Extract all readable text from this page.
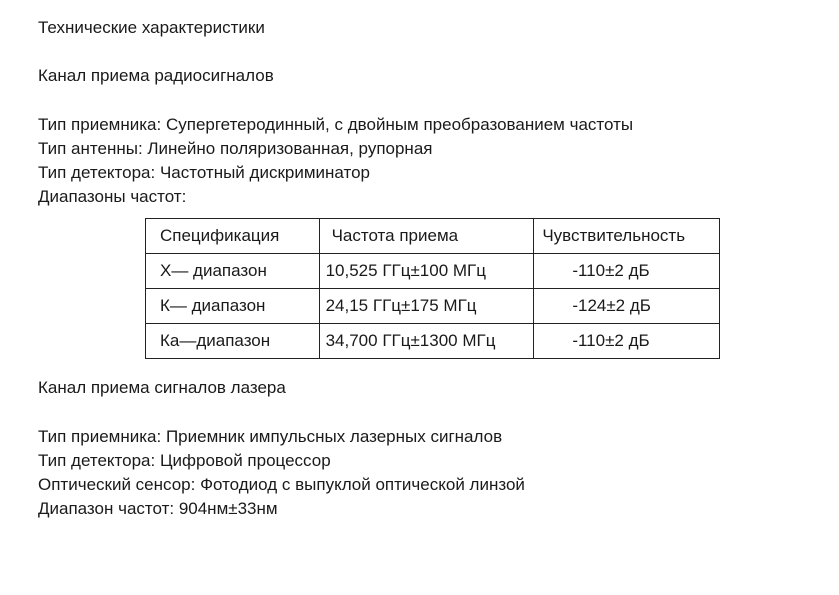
Технические характеристики
Канал приема радиосигналов
Тип приемника: Супергетеродинный, с двойным преобразованием частоты
Тип антенны: Линейно поляризованная, рупорная
Тип детектора: Частотный дискриминатор
Диапазоны частот:
Спецификация	Частота приема	Чувствительность
X— диапазон	10,525 ГГц±100 МГц	-110±2 дБ
К— диапазон	24,15 ГГц±175 МГц	-124±2 дБ
Ка—диапазон	34,700 ГГц±1300 МГц	-110±2 дБ
Канал приема сигналов лазера
Тип приемника: Приемник импульсных лазерных сигналов
Тип детектора: Цифровой процессор
Оптический сенсор: Фотодиод с выпуклой оптической линзой
Диапазон частот: 904нм±33нм
